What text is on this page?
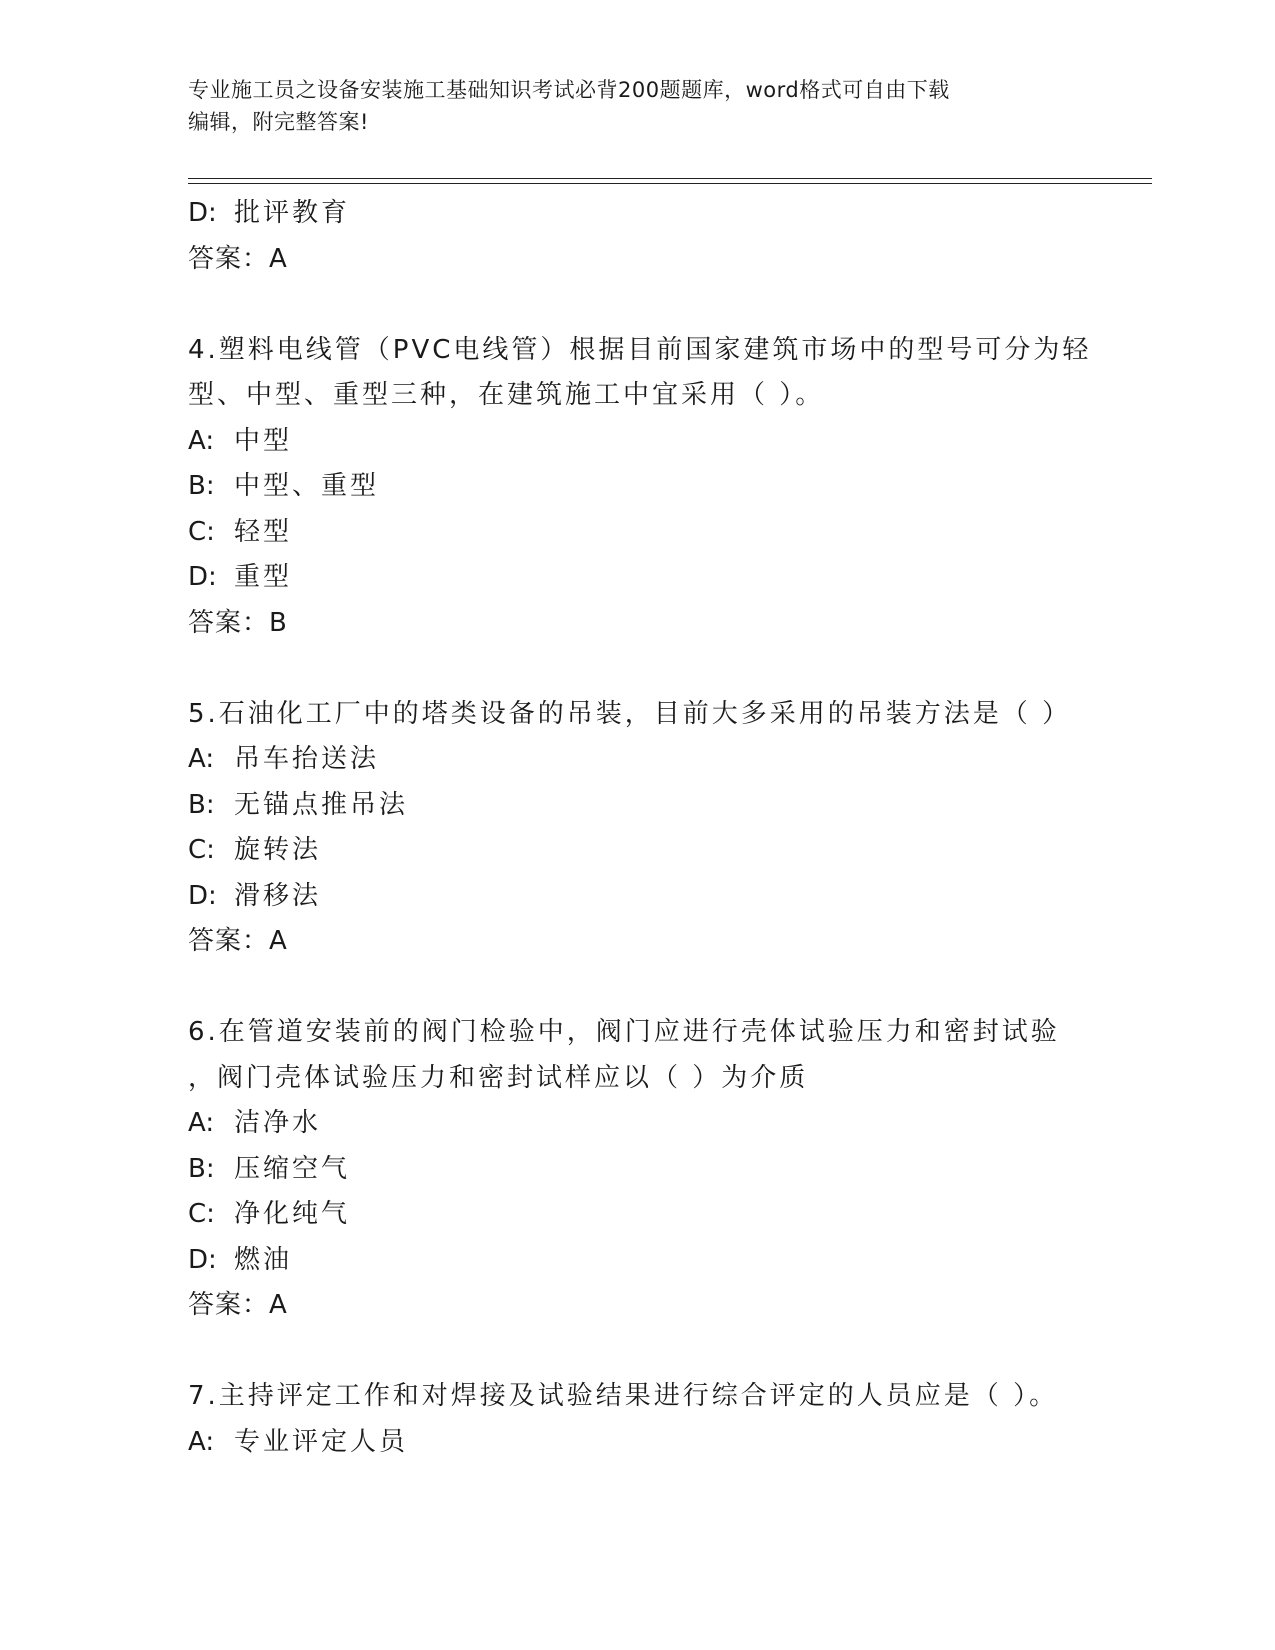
专业施工员之设备安装施工基础知识考试必背200题题库，word格式可自由下载
编辑，附完整答案!
D: 批评教育
答案：A
4.塑料电线管（PVC电线管）根据目前国家建筑市场中的型号可分为轻
型、中型、重型三种，在建筑施工中宜采用（ ）。
A: 中型
B: 中型、重型
C: 轻型
D: 重型
答案：B
5.石油化工厂中的塔类设备的吊装，目前大多采用的吊装方法是（ ）
A: 吊车抬送法
B: 无锚点推吊法
C: 旋转法
D: 滑移法
答案：A
6.在管道安装前的阀门检验中，阀门应进行壳体试验压力和密封试验
，阀门壳体试验压力和密封试样应以（ ）为介质
A: 洁净水
B: 压缩空气
C: 净化纯气
D: 燃油
答案：A
7.主持评定工作和对焊接及试验结果进行综合评定的人员应是（ ）。
A: 专业评定人员
